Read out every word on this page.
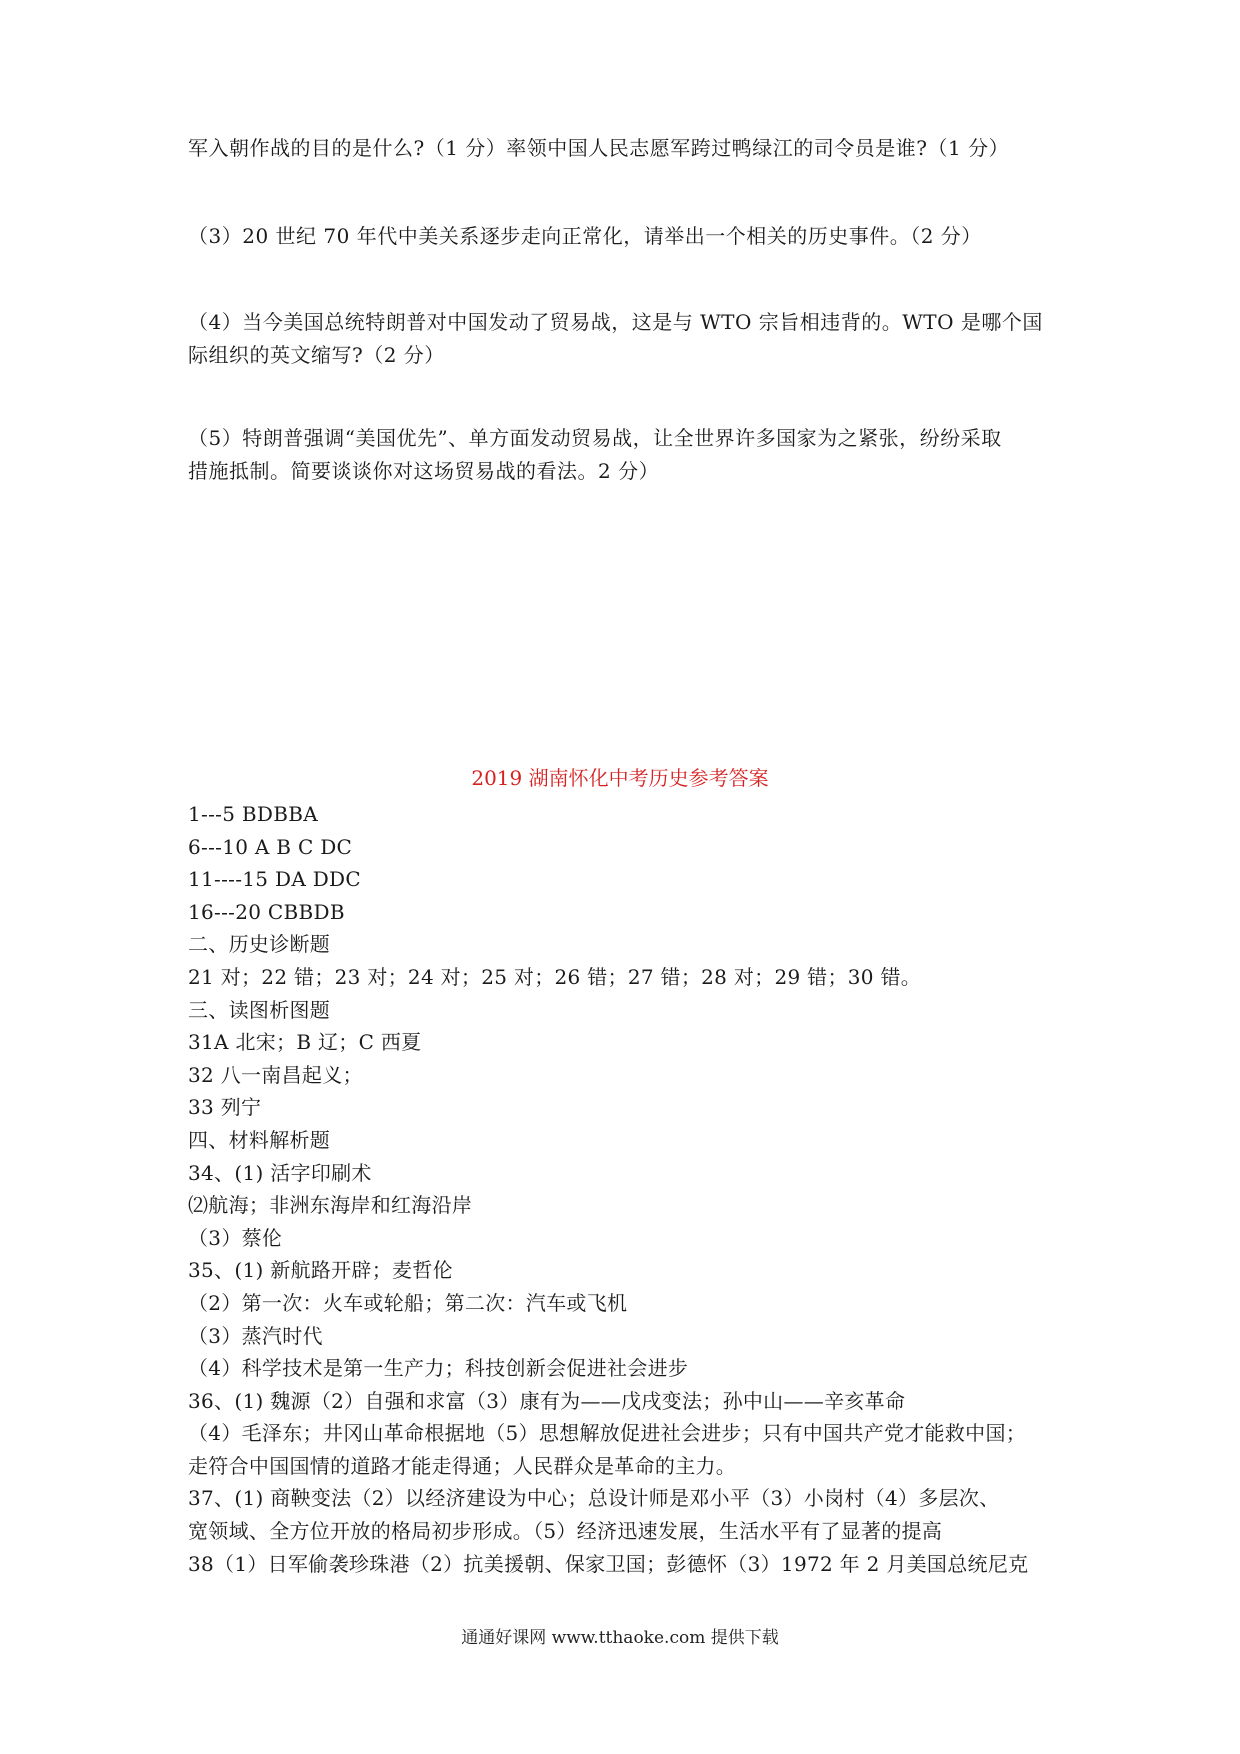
军入朝作战的目的是什么?（1 分）率领中国人民志愿军跨过鸭绿江的司令员是谁?（1 分）
（3）20 世纪 70 年代中美关系逐步走向正常化，请举出一个相关的历史事件。（2 分）
（4）当今美国总统特朗普对中国发动了贸易战，这是与 WTO 宗旨相违背的。WTO 是哪个国
际组织的英文缩写?（2 分）
（5）特朗普强调“美国优先”、单方面发动贸易战，让全世界许多国家为之紧张，纷纷采取
措施抵制。简要谈谈你对这场贸易战的看法。2 分）
2019 湖南怀化中考历史参考答案
1---5 BDBBA
6---10 A B C DC
11----15 DA DDC
16---20 CBBDB
二、历史诊断题
21 对；22 错；23 对；24 对；25 对；26 错；27 错；28 对；29 错；30 错。
三、读图析图题
31A 北宋；B 辽；C 西夏
32 八一南昌起义；
33 列宁
四、材料解析题
34、(1) 活字印刷术
⑵航海；非洲东海岸和红海沿岸
（3）蔡伦
35、(1) 新航路开辟；麦哲伦
（2）第一次：火车或轮船；第二次：汽车或飞机
（3）蒸汽时代
（4）科学技术是第一生产力；科技创新会促进社会进步
36、(1) 魏源（2）自强和求富（3）康有为——戊戌变法；孙中山——辛亥革命
（4）毛泽东；井冈山革命根据地（5）思想解放促进社会进步；只有中国共产党才能救中国；
走符合中国国情的道路才能走得通；人民群众是革命的主力。
37、(1) 商鞅变法（2）以经济建设为中心；总设计师是邓小平（3）小岗村（4）多层次、
宽领域、全方位开放的格局初步形成。（5）经济迅速发展，生活水平有了显著的提高
38（1）日军偷袭珍珠港（2）抗美援朝、保家卫国；彭德怀（3）1972 年 2 月美国总统尼克
通通好课网 www.tthaoke.com 提供下载
